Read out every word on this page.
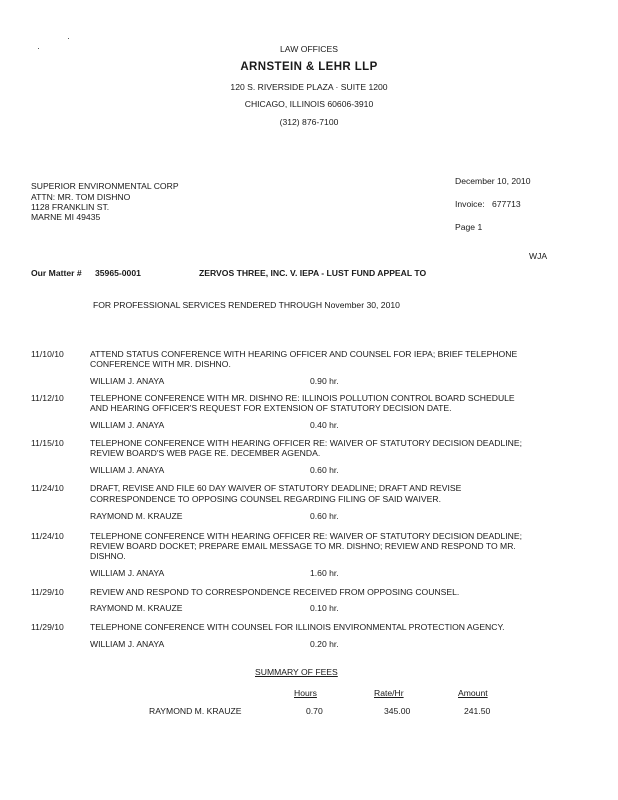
LAW OFFICES
ARNSTEIN & LEHR LLP
120 S. RIVERSIDE PLAZA · SUITE 1200
CHICAGO, ILLINOIS 60606-3910
(312) 876-7100
SUPERIOR ENVIRONMENTAL CORP
ATTN: MR. TOM DISHNO
1128 FRANKLIN ST.
MARNE MI 49435
December 10, 2010
Invoice: 677713
Page 1
WJA
Our Matter # 35965-0001	ZERVOS THREE, INC. V. IEPA - LUST FUND APPEAL TO
FOR PROFESSIONAL SERVICES RENDERED THROUGH November 30, 2010
11/10/10	ATTEND STATUS CONFERENCE WITH HEARING OFFICER AND COUNSEL FOR IEPA; BRIEF TELEPHONE
CONFERENCE WITH MR. DISHNO.
WILLIAM J. ANAYA	0.90 hr.
11/12/10	TELEPHONE CONFERENCE WITH MR. DISHNO RE: ILLINOIS POLLUTION CONTROL BOARD SCHEDULE
AND HEARING OFFICER'S REQUEST FOR EXTENSION OF STATUTORY DECISION DATE.
WILLIAM J. ANAYA	0.40 hr.
11/15/10	TELEPHONE CONFERENCE WITH HEARING OFFICER RE: WAIVER OF STATUTORY DECISION DEADLINE;
REVIEW BOARD'S WEB PAGE RE. DECEMBER AGENDA.
WILLIAM J. ANAYA	0.60 hr.
11/24/10	DRAFT, REVISE AND FILE 60 DAY WAIVER OF STATUTORY DEADLINE; DRAFT AND REVISE
CORRESPONDENCE TO OPPOSING COUNSEL REGARDING FILING OF SAID WAIVER.
RAYMOND M. KRAUZE	0.60 hr.
11/24/10	TELEPHONE CONFERENCE WITH HEARING OFFICER RE: WAIVER OF STATUTORY DECISION DEADLINE;
REVIEW BOARD DOCKET; PREPARE EMAIL MESSAGE TO MR. DISHNO; REVIEW AND RESPOND TO MR.
DISHNO.
WILLIAM J. ANAYA	1.60 hr.
11/29/10	REVIEW AND RESPOND TO CORRESPONDENCE RECEIVED FROM OPPOSING COUNSEL.
RAYMOND M. KRAUZE	0.10 hr.
11/29/10	TELEPHONE CONFERENCE WITH COUNSEL FOR ILLINOIS ENVIRONMENTAL PROTECTION AGENCY.
WILLIAM J. ANAYA	0.20 hr.
SUMMARY OF FEES
Hours	Rate/Hr	Amount
RAYMOND M. KRAUZE	0.70	345.00	241.50
